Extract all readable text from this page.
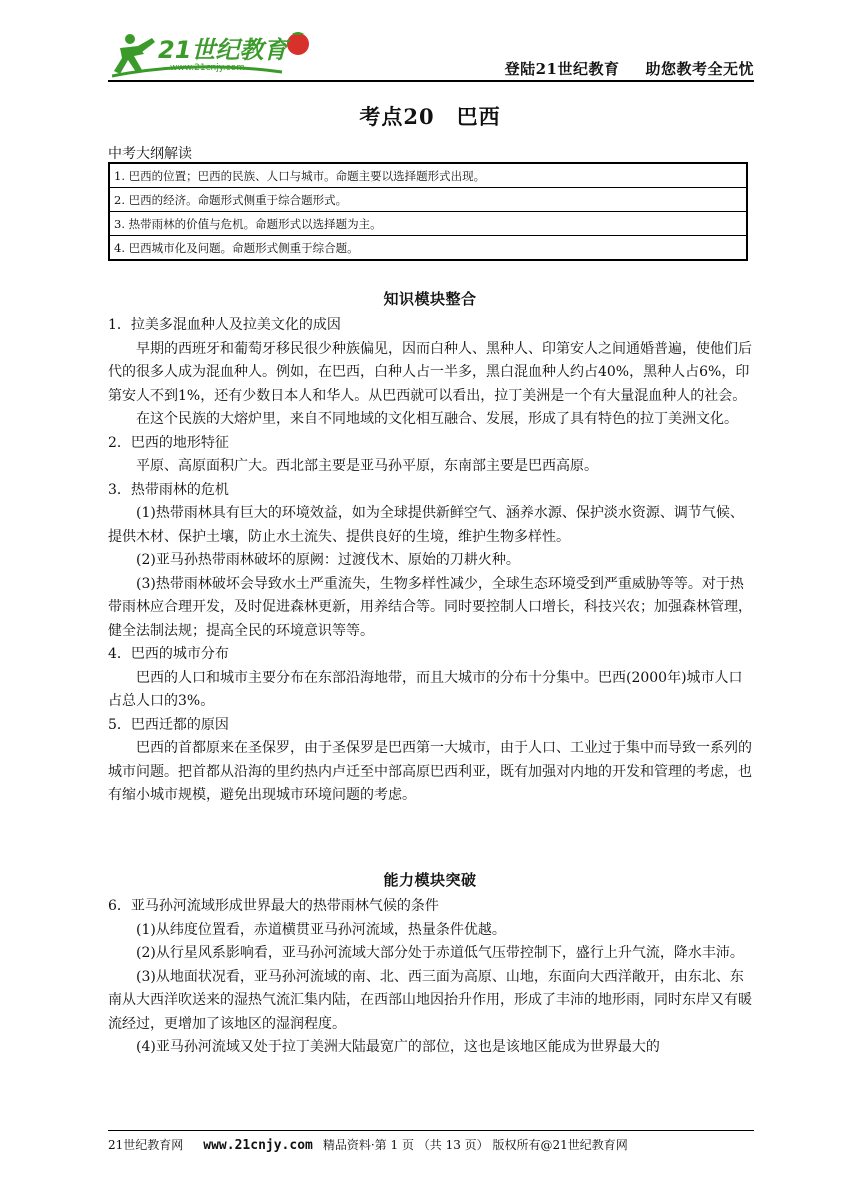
21世纪教育
www.21cnjy.com	登陆21世纪教育 助您教考全无忧
考点20　巴西
中考大纲解读
1. 巴西的位置；巴西的民族、人口与城市。命题主要以选择题形式出现。
2. 巴西的经济。命题形式侧重于综合题形式。
3. 热带雨林的价值与危机。命题形式以选择题为主。
4. 巴西城市化及问题。命题形式侧重于综合题。
知识模块整合

1．拉美多混血种人及拉美文化的成因

早期的西班牙和葡萄牙移民很少种族偏见，因而白种人、黑种人、印第安人之间通婚普遍，使他们后代的很多人成为混血种人。例如，在巴西，白种人占一半多，黑白混血种人约占40%，黑种人占6%，印第安人不到1%，还有少数日本人和华人。从巴西就可以看出，拉丁美洲是一个有大量混血种人的社会。

在这个民族的大熔炉里，来自不同地域的文化相互融合、发展，形成了具有特色的拉丁美洲文化。

2．巴西的地形特征

平原、高原面积广大。西北部主要是亚马孙平原，东南部主要是巴西高原。

3．热带雨林的危机

(1)热带雨林具有巨大的环境效益，如为全球提供新鲜空气、涵养水源、保护淡水资源、调节气候、提供木材、保护土壤，防止水土流失、提供良好的生境，维护生物多样性。

(2)亚马孙热带雨林破坏的原阙：过渡伐木、原始的刀耕火种。

(3)热带雨林破坏会导致水土严重流失，生物多样性减少，全球生态环境受到严重威胁等等。对于热带雨林应合理开发，及时促进森林更新，用养结合等。同时要控制人口增长，科技兴农；加强森林管理，健全法制法规；提高全民的环境意识等等。

4．巴西的城市分布

巴西的人口和城市主要分布在东部沿海地带，而且大城市的分布十分集中。巴西(2000年)城市人口占总人口的3%。

5．巴西迁都的原因

巴西的首都原来在圣保罗，由于圣保罗是巴西第一大城市，由于人口、工业过于集中而导致一系列的城市问题。把首都从沿海的里约热内卢迁至中部高原巴西利亚，既有加强对内地的开发和管理的考虑，也有缩小城市规模，避免出现城市环境问题的考虑。

能力模块突破

6．亚马孙河流域形成世界最大的热带雨林气候的条件

(1)从纬度位置看，赤道横贯亚马孙河流域，热量条件优越。

(2)从行星风系影响看，亚马孙河流域大部分处于赤道低气压带控制下，盛行上升气流，降水丰沛。

(3)从地面状况看，亚马孙河流域的南、北、西三面为高原、山地，东面向大西洋敞开，由东北、东南从大西洋吹送来的湿热气流汇集内陆，在西部山地因抬升作用，形成了丰沛的地形雨，同时东岸又有暖流经过，更增加了该地区的湿润程度。

(4)亚马孙河流域又处于拉丁美洲大陆最宽广的部位，这也是该地区能成为世界最大的

21世纪教育网 www.21cnjy.com 精品资料·第 1 页 （共 13 页） 版权所有@21世纪教育网
